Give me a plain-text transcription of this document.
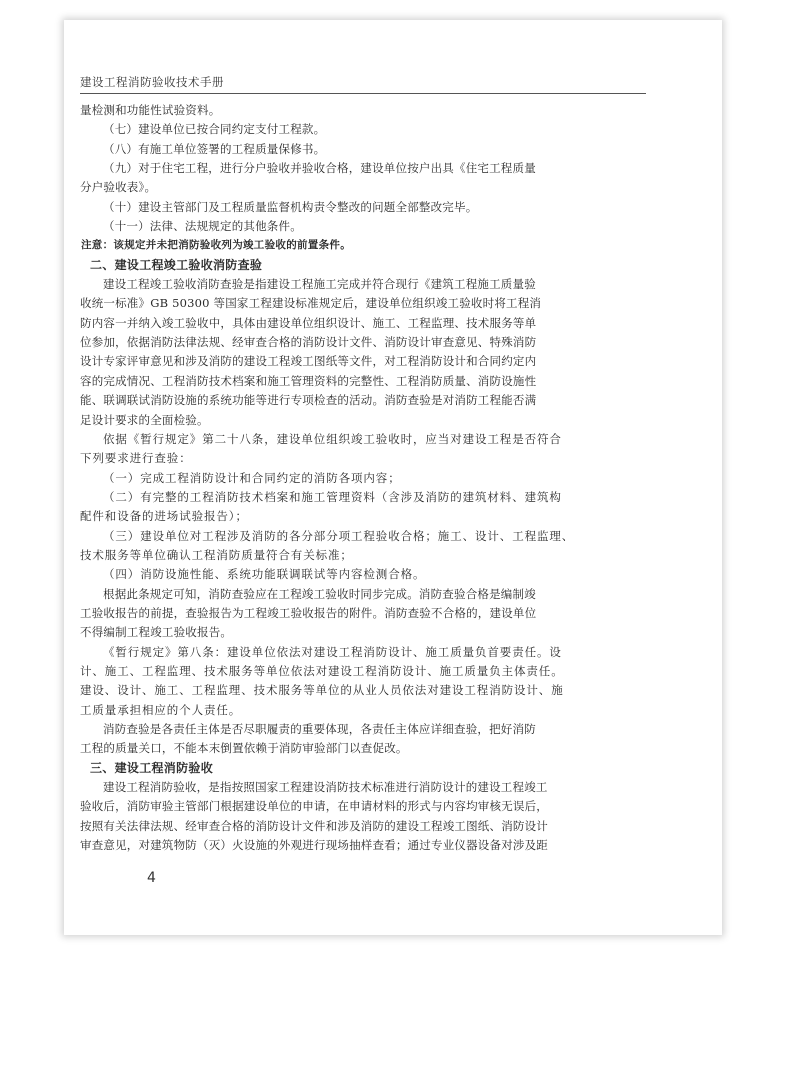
建设工程消防验收技术手册

量检测和功能性试验资料。

（七）建设单位已按合同约定支付工程款。

（八）有施工单位签署的工程质量保修书。

（九）对于住宅工程，进行分户验收并验收合格，建设单位按户出具《住宅工程质量

分户验收表》。

（十）建设主管部门及工程质量监督机构责令整改的问题全部整改完毕。

（十一）法律、法规规定的其他条件。

注意：该规定并未把消防验收列为竣工验收的前置条件。

二、建设工程竣工验收消防查验

建设工程竣工验收消防查验是指建设工程施工完成并符合现行《建筑工程施工质量验

收统一标准》GB 50300 等国家工程建设标准规定后，建设单位组织竣工验收时将工程消

防内容一并纳入竣工验收中，具体由建设单位组织设计、施工、工程监理、技术服务等单

位参加，依据消防法律法规、经审查合格的消防设计文件、消防设计审查意见、特殊消防

设计专家评审意见和涉及消防的建设工程竣工图纸等文件，对工程消防设计和合同约定内

容的完成情况、工程消防技术档案和施工管理资料的完整性、工程消防质量、消防设施性

能、联调联试消防设施的系统功能等进行专项检查的活动。消防查验是对消防工程能否满

足设计要求的全面检验。

依据《暂行规定》第二十八条，建设单位组织竣工验收时，应当对建设工程是否符合

下列要求进行查验：

（一）完成工程消防设计和合同约定的消防各项内容；

（二）有完整的工程消防技术档案和施工管理资料（含涉及消防的建筑材料、建筑构

配件和设备的进场试验报告）；

（三）建设单位对工程涉及消防的各分部分项工程验收合格；施工、设计、工程监理、

技术服务等单位确认工程消防质量符合有关标准；

（四）消防设施性能、系统功能联调联试等内容检测合格。

根据此条规定可知，消防查验应在工程竣工验收时同步完成。消防查验合格是编制竣

工验收报告的前提，查验报告为工程竣工验收报告的附件。消防查验不合格的，建设单位

不得编制工程竣工验收报告。

《暂行规定》第八条：建设单位依法对建设工程消防设计、施工质量负首要责任。设

计、施工、工程监理、技术服务等单位依法对建设工程消防设计、施工质量负主体责任。

建设、设计、施工、工程监理、技术服务等单位的从业人员依法对建设工程消防设计、施

工质量承担相应的个人责任。

消防查验是各责任主体是否尽职履责的重要体现，各责任主体应详细查验，把好消防

工程的质量关口，不能本末倒置依赖于消防审验部门以查促改。

三、建设工程消防验收

建设工程消防验收，是指按照国家工程建设消防技术标准进行消防设计的建设工程竣工

验收后，消防审验主管部门根据建设单位的申请，在申请材料的形式与内容均审核无误后，

按照有关法律法规、经审查合格的消防设计文件和涉及消防的建设工程竣工图纸、消防设计

审查意见，对建筑物防（灭）火设施的外观进行现场抽样查看；通过专业仪器设备对涉及距

4
